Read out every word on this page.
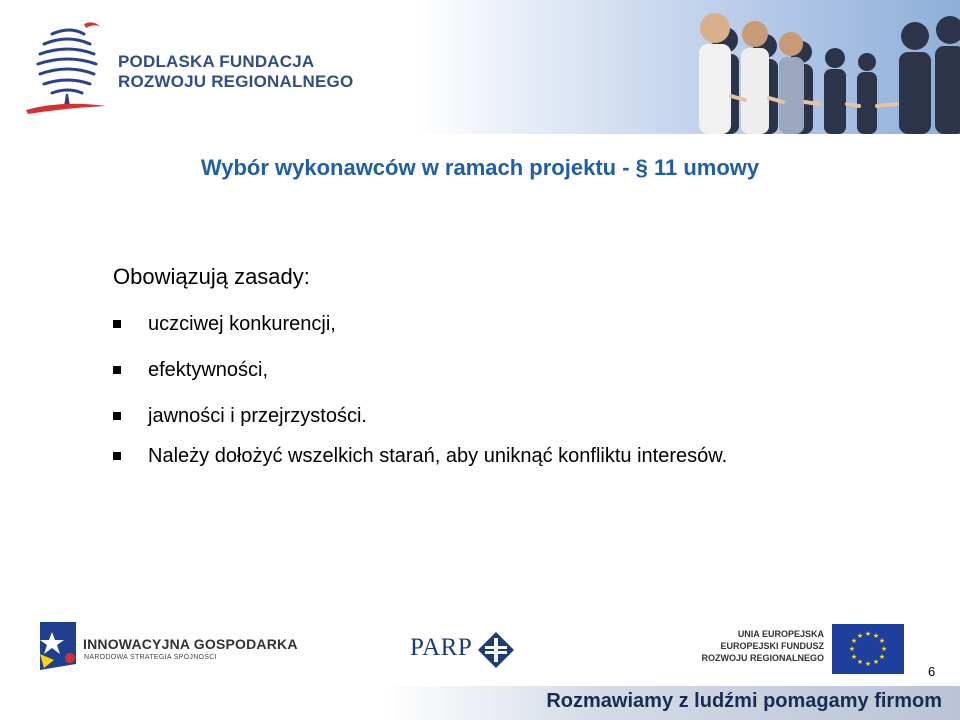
PODLASKA FUNDACJA
ROZWOJU REGIONALNEGO
Wybór wykonawców w ramach projektu - § 11 umowy
Obowiązują zasady:
uczciwej konkurencji,
efektywności,
jawności i przejrzystości.
Należy dołożyć wszelkich starań, aby uniknąć konfliktu interesów.
INNOWACYJNA GOSPODARKA
NARODOWA STRATEGIA SPÓJNOŚCI	PARP	UNIA EUROPEJSKA
EUROPEJSKI FUNDUSZ
ROZWOJU REGIONALNEGO
★ ★
★
★
★
★
★
★
★
★
★
★
6
Rozmawiamy z ludźmi pomagamy firmom
